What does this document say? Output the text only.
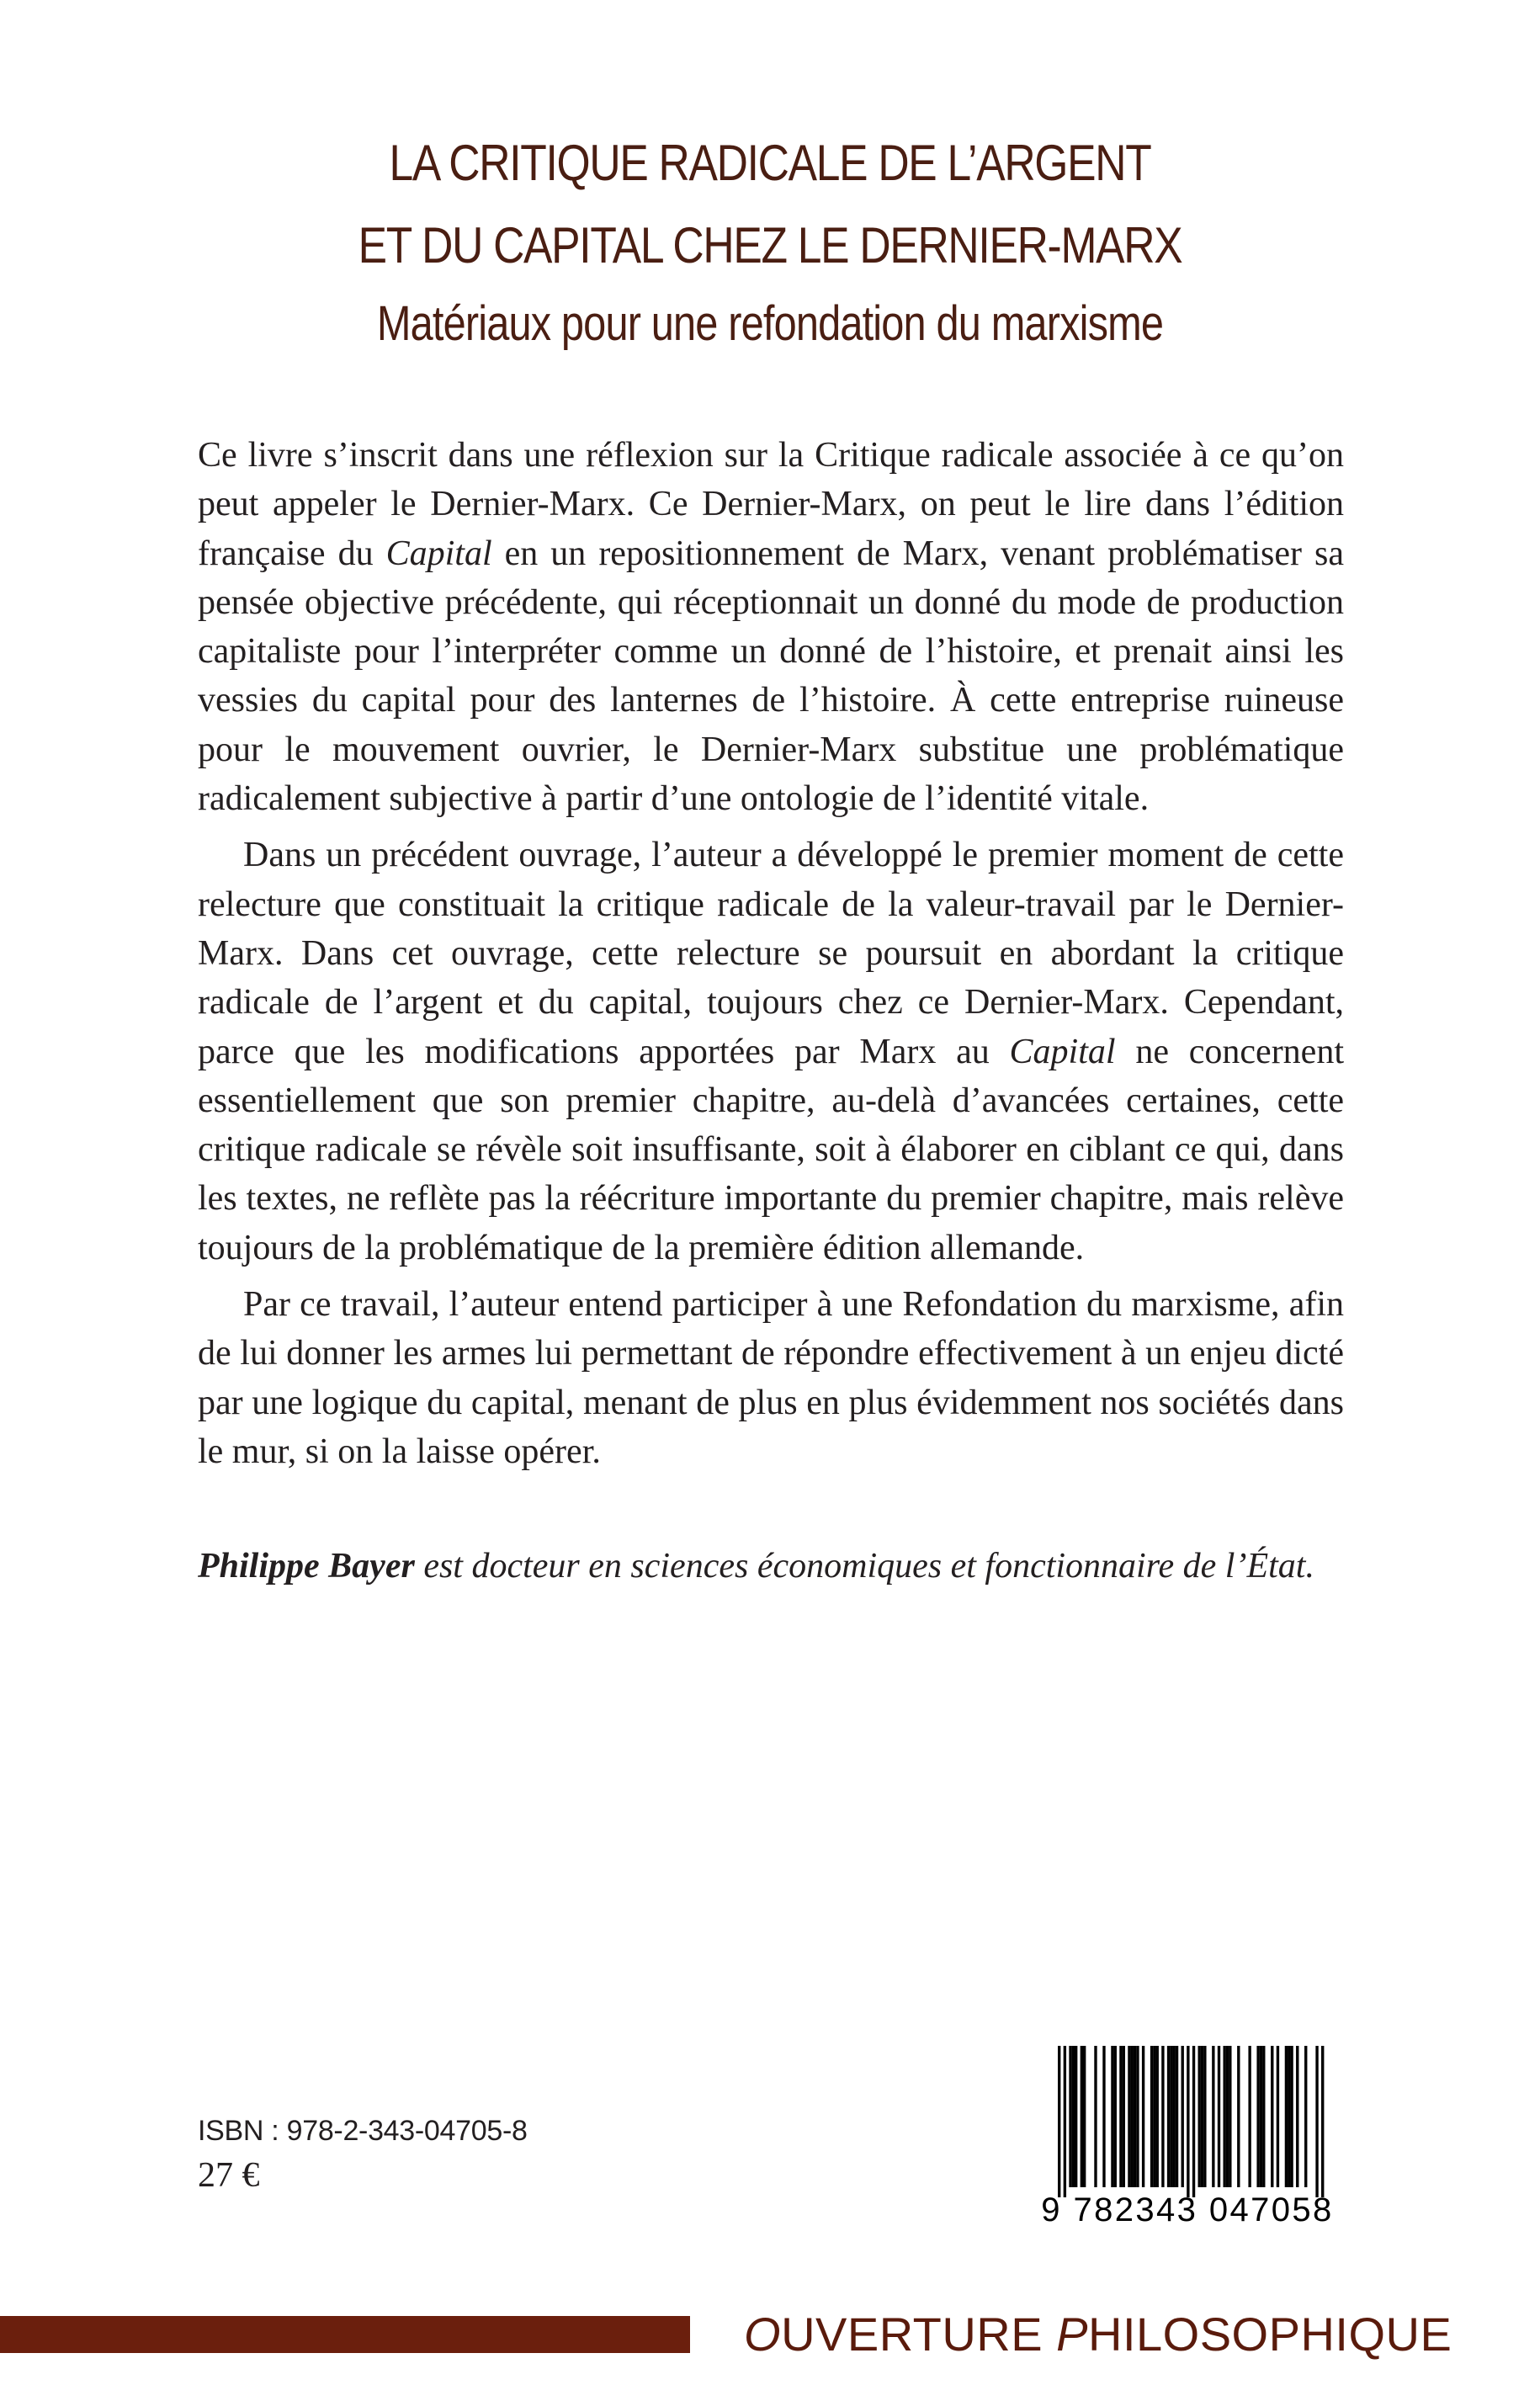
LA CRITIQUE RADICALE DE L’ARGENT
ET DU CAPITAL CHEZ LE DERNIER-MARX
Matériaux pour une refondation du marxisme

Ce livre s’inscrit dans une réflexion sur la Critique radicale associée à ce qu’on peut appeler le Dernier-Marx. Ce Dernier-Marx, on peut le lire dans l’édition française du Capital en un repositionnement de Marx, venant problématiser sa pensée objective précédente, qui réceptionnait un donné du mode de production capitaliste pour l’interpréter comme un donné de l’histoire, et prenait ainsi les vessies du capital pour des lanternes de l’histoire. À cette entreprise ruineuse pour le mouvement ouvrier, le Dernier-Marx substitue une problématique radicalement subjective à partir d’une ontologie de l’identité vitale.

Dans un précédent ouvrage, l’auteur a développé le premier moment de cette relecture que constituait la critique radicale de la valeur-travail par le Dernier-Marx. Dans cet ouvrage, cette relecture se poursuit en abordant la critique radicale de l’argent et du capital, toujours chez ce Dernier-Marx. Cependant, parce que les modifications apportées par Marx au Capital ne concernent essentiellement que son premier chapitre, au-delà d’avancées certaines, cette critique radicale se révèle soit insuffisante, soit à élaborer en ciblant ce qui, dans les textes, ne reflète pas la réécriture importante du premier chapitre, mais relève toujours de la problématique de la première édition allemande.

Par ce travail, l’auteur entend participer à une Refondation du marxisme, afin de lui donner les armes lui permettant de répondre effectivement à un enjeu dicté par une logique du capital, menant de plus en plus évidemment nos sociétés dans le mur, si on la laisse opérer.

Philippe Bayer est docteur en sciences économiques et fonctionnaire de l’État.
ISBN : 978-2-343-04705-8
27 €
9 782343 047058
OUVERTURE PHILOSOPHIQUE
